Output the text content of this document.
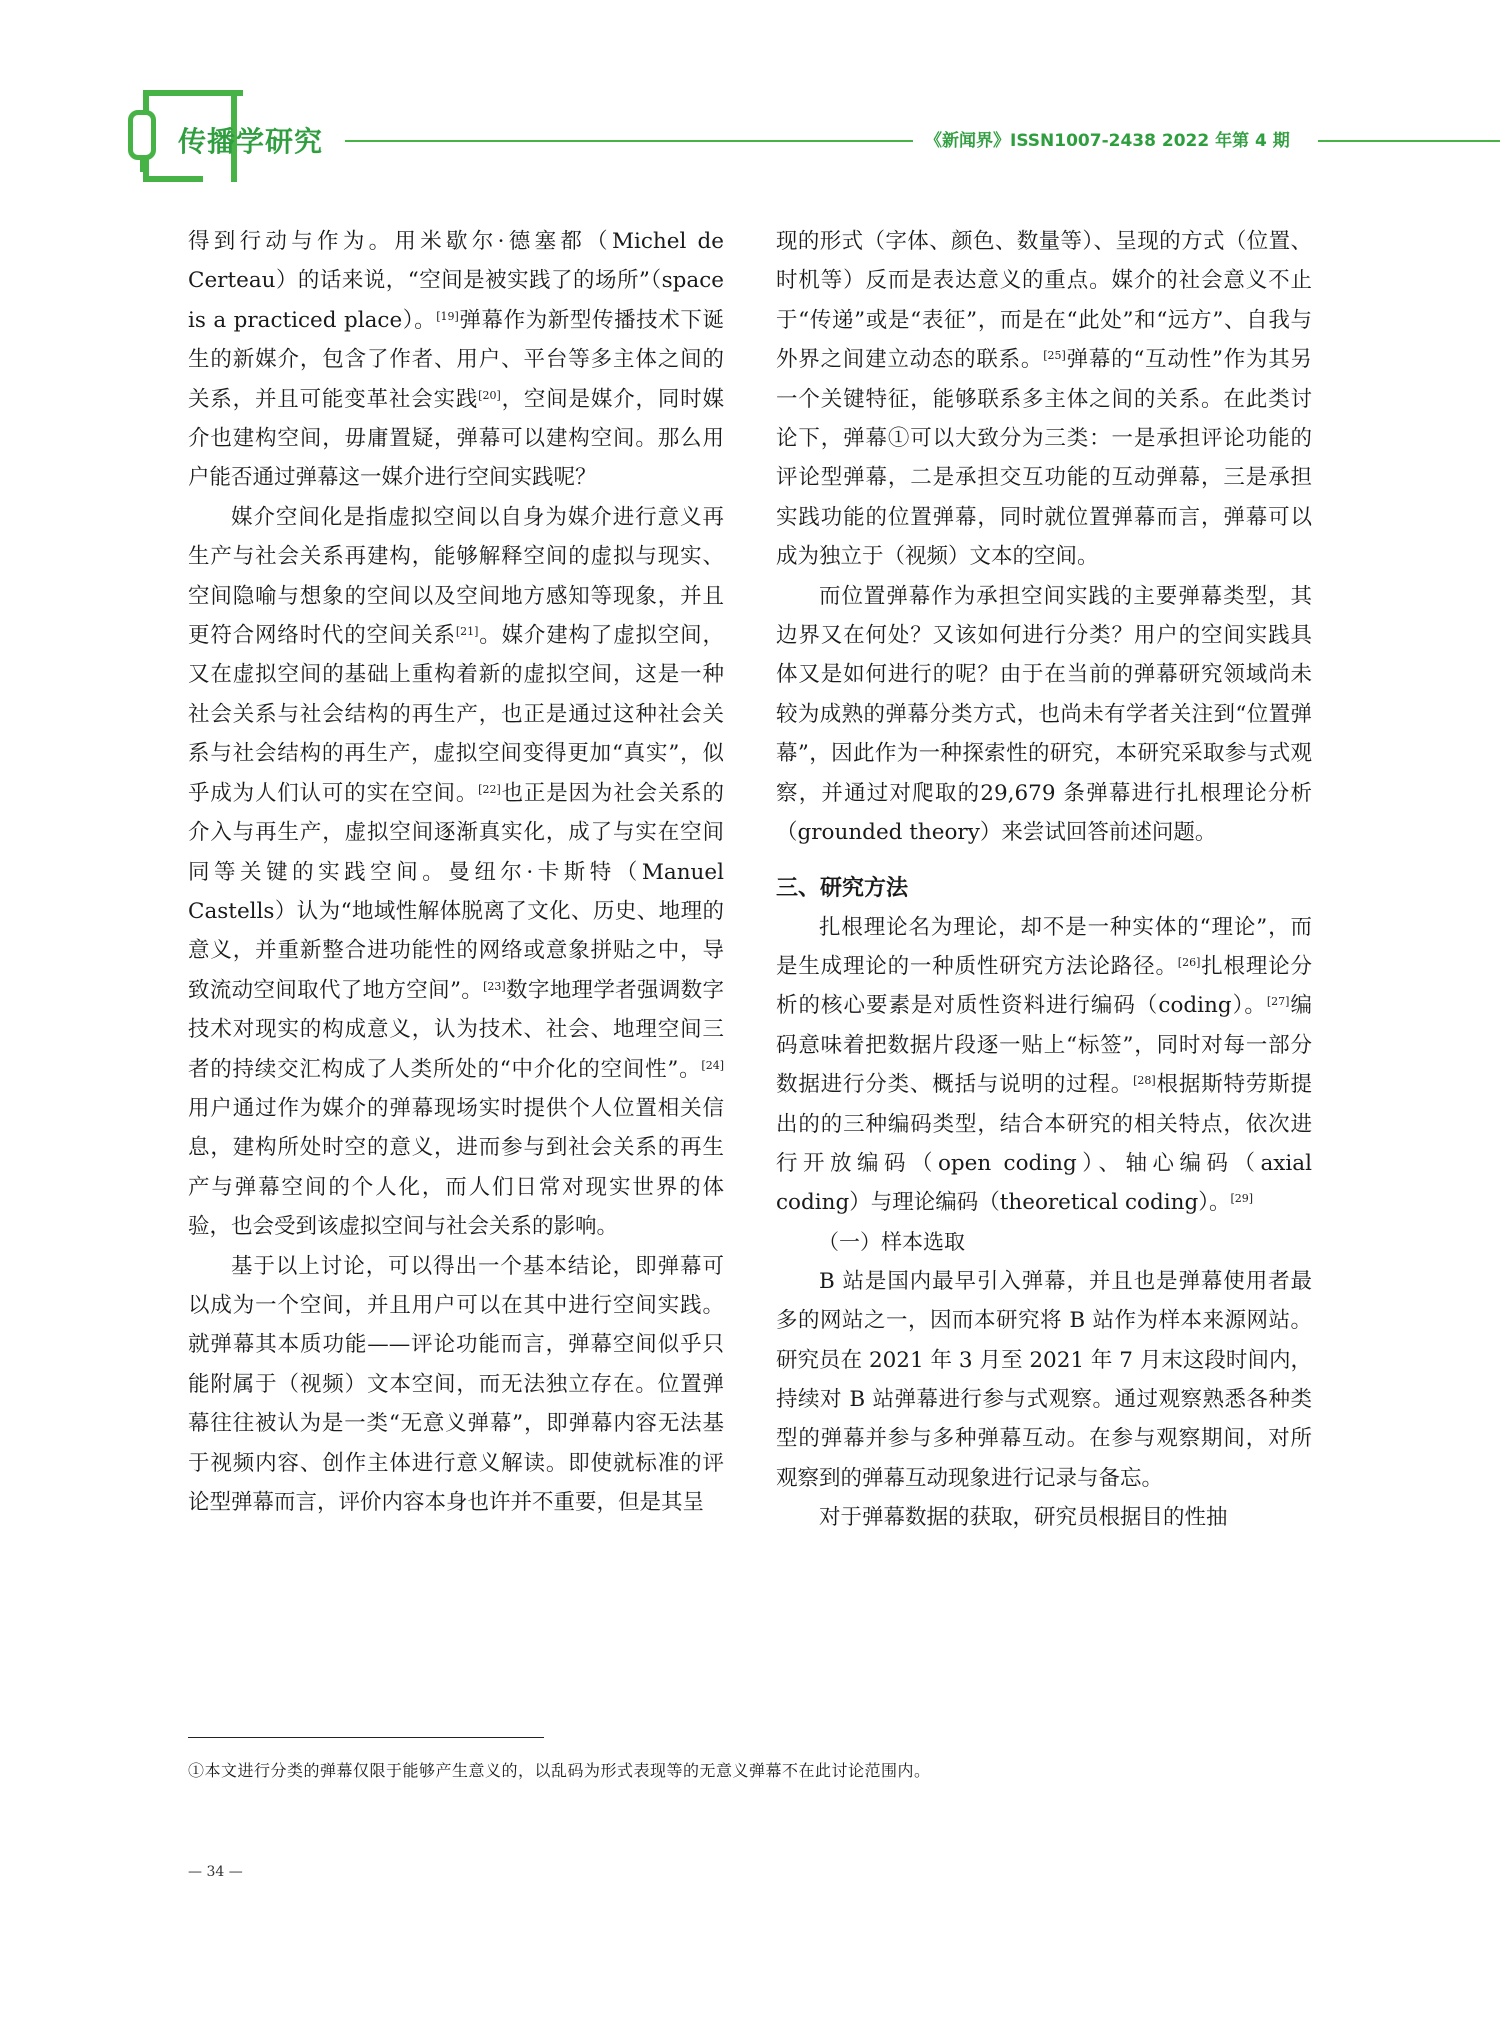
传播学研究	《新闻界》ISSN1007-2438 2022 年第 4 期

得到行动与作为。用米歇尔·德塞都（Michel de Certeau）的话来说，“空间是被实践了的场所”（space is a practiced place）。[19]弹幕作为新型传播技术下诞生的新媒介，包含了作者、用户、平台等多主体之间的关系，并且可能变革社会实践[20]，空间是媒介，同时媒介也建构空间，毋庸置疑，弹幕可以建构空间。那么用户能否通过弹幕这一媒介进行空间实践呢？

媒介空间化是指虚拟空间以自身为媒介进行意义再生产与社会关系再建构，能够解释空间的虚拟与现实、空间隐喻与想象的空间以及空间地方感知等现象，并且更符合网络时代的空间关系[21]。媒介建构了虚拟空间，又在虚拟空间的基础上重构着新的虚拟空间，这是一种社会关系与社会结构的再生产，也正是通过这种社会关系与社会结构的再生产，虚拟空间变得更加“真实”，似乎成为人们认可的实在空间。[22]也正是因为社会关系的介入与再生产，虚拟空间逐渐真实化，成了与实在空间同等关键的实践空间。曼纽尔·卡斯特（Manuel Castells）认为“地域性解体脱离了文化、历史、地理的意义，并重新整合进功能性的网络或意象拼贴之中，导致流动空间取代了地方空间”。[23]数字地理学者强调数字技术对现实的构成意义，认为技术、社会、地理空间三者的持续交汇构成了人类所处的“中介化的空间性”。[24]用户通过作为媒介的弹幕现场实时提供个人位置相关信息，建构所处时空的意义，进而参与到社会关系的再生产与弹幕空间的个人化，而人们日常对现实世界的体验，也会受到该虚拟空间与社会关系的影响。

基于以上讨论，可以得出一个基本结论，即弹幕可以成为一个空间，并且用户可以在其中进行空间实践。就弹幕其本质功能——评论功能而言，弹幕空间似乎只能附属于（视频）文本空间，而无法独立存在。位置弹幕往往被认为是一类“无意义弹幕”，即弹幕内容无法基于视频内容、创作主体进行意义解读。即使就标准的评论型弹幕而言，评价内容本身也许并不重要，但是其呈

现的形式（字体、颜色、数量等）、呈现的方式（位置、时机等）反而是表达意义的重点。媒介的社会意义不止于“传递”或是“表征”，而是在“此处”和“远方”、自我与外界之间建立动态的联系。[25]弹幕的“互动性”作为其另一个关键特征，能够联系多主体之间的关系。在此类讨论下，弹幕①可以大致分为三类：一是承担评论功能的评论型弹幕，二是承担交互功能的互动弹幕，三是承担实践功能的位置弹幕，同时就位置弹幕而言，弹幕可以成为独立于（视频）文本的空间。

而位置弹幕作为承担空间实践的主要弹幕类型，其边界又在何处？又该如何进行分类？用户的空间实践具体又是如何进行的呢？由于在当前的弹幕研究领域尚未较为成熟的弹幕分类方式，也尚未有学者关注到“位置弹幕”，因此作为一种探索性的研究，本研究采取参与式观察，并通过对爬取的29,679 条弹幕进行扎根理论分析（grounded theory）来尝试回答前述问题。

三、研究方法

扎根理论名为理论，却不是一种实体的“理论”，而是生成理论的一种质性研究方法论路径。[26]扎根理论分析的核心要素是对质性资料进行编码（coding）。[27]编码意味着把数据片段逐一贴上“标签”，同时对每一部分数据进行分类、概括与说明的过程。[28]根据斯特劳斯提出的的三种编码类型，结合本研究的相关特点，依次进行开放编码（open coding）、轴心编码（axial coding）与理论编码（theoretical coding）。[29]

（一）样本选取

B 站是国内最早引入弹幕，并且也是弹幕使用者最多的网站之一，因而本研究将 B 站作为样本来源网站。研究员在 2021 年 3 月至 2021 年 7 月末这段时间内，持续对 B 站弹幕进行参与式观察。通过观察熟悉各种类型的弹幕并参与多种弹幕互动。在参与观察期间，对所观察到的弹幕互动现象进行记录与备忘。

对于弹幕数据的获取，研究员根据目的性抽

①本文进行分类的弹幕仅限于能够产生意义的，以乱码为形式表现等的无意义弹幕不在此讨论范围内。
— 34 —
